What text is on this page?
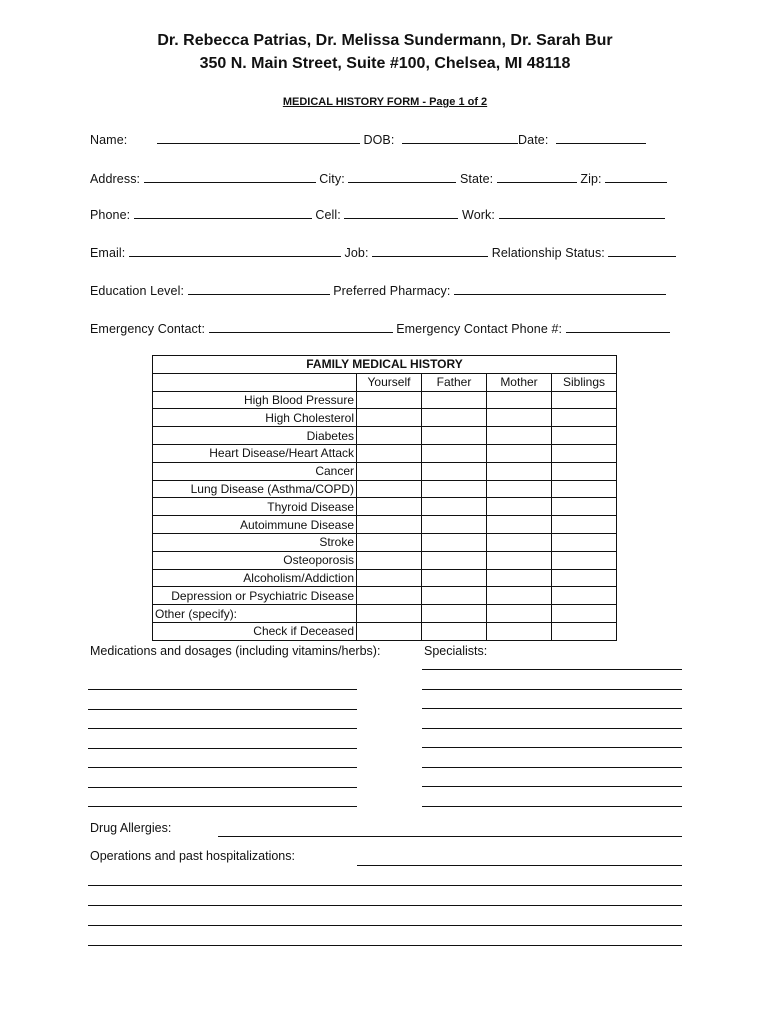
Dr. Rebecca Patrias, Dr. Melissa Sundermann, Dr. Sarah Bur
350 N. Main Street, Suite #100, Chelsea, MI 48118
MEDICAL HISTORY FORM - Page 1 of 2
Name:	DOB:	Date:
Address:	City:	State:	Zip:
Phone:	Cell:	Work:
Email:	Job:	Relationship Status:
Education Level:	Preferred Pharmacy:
Emergency Contact:	Emergency Contact Phone #:
FAMILY MEDICAL HISTORY				
	Yourself	Father	Mother	Siblings
High Blood Pressure				
High Cholesterol				
Diabetes				
Heart Disease/Heart Attack				
Cancer				
Lung Disease (Asthma/COPD)				
Thyroid Disease				
Autoimmune Disease				
Stroke				
Osteoporosis				
Alcoholism/Addiction				
Depression or Psychiatric Disease				
Other (specify):				
Check if Deceased				
Medications and dosages (including vitamins/herbs):	Specialists:
Drug Allergies:
Operations and past hospitalizations:
